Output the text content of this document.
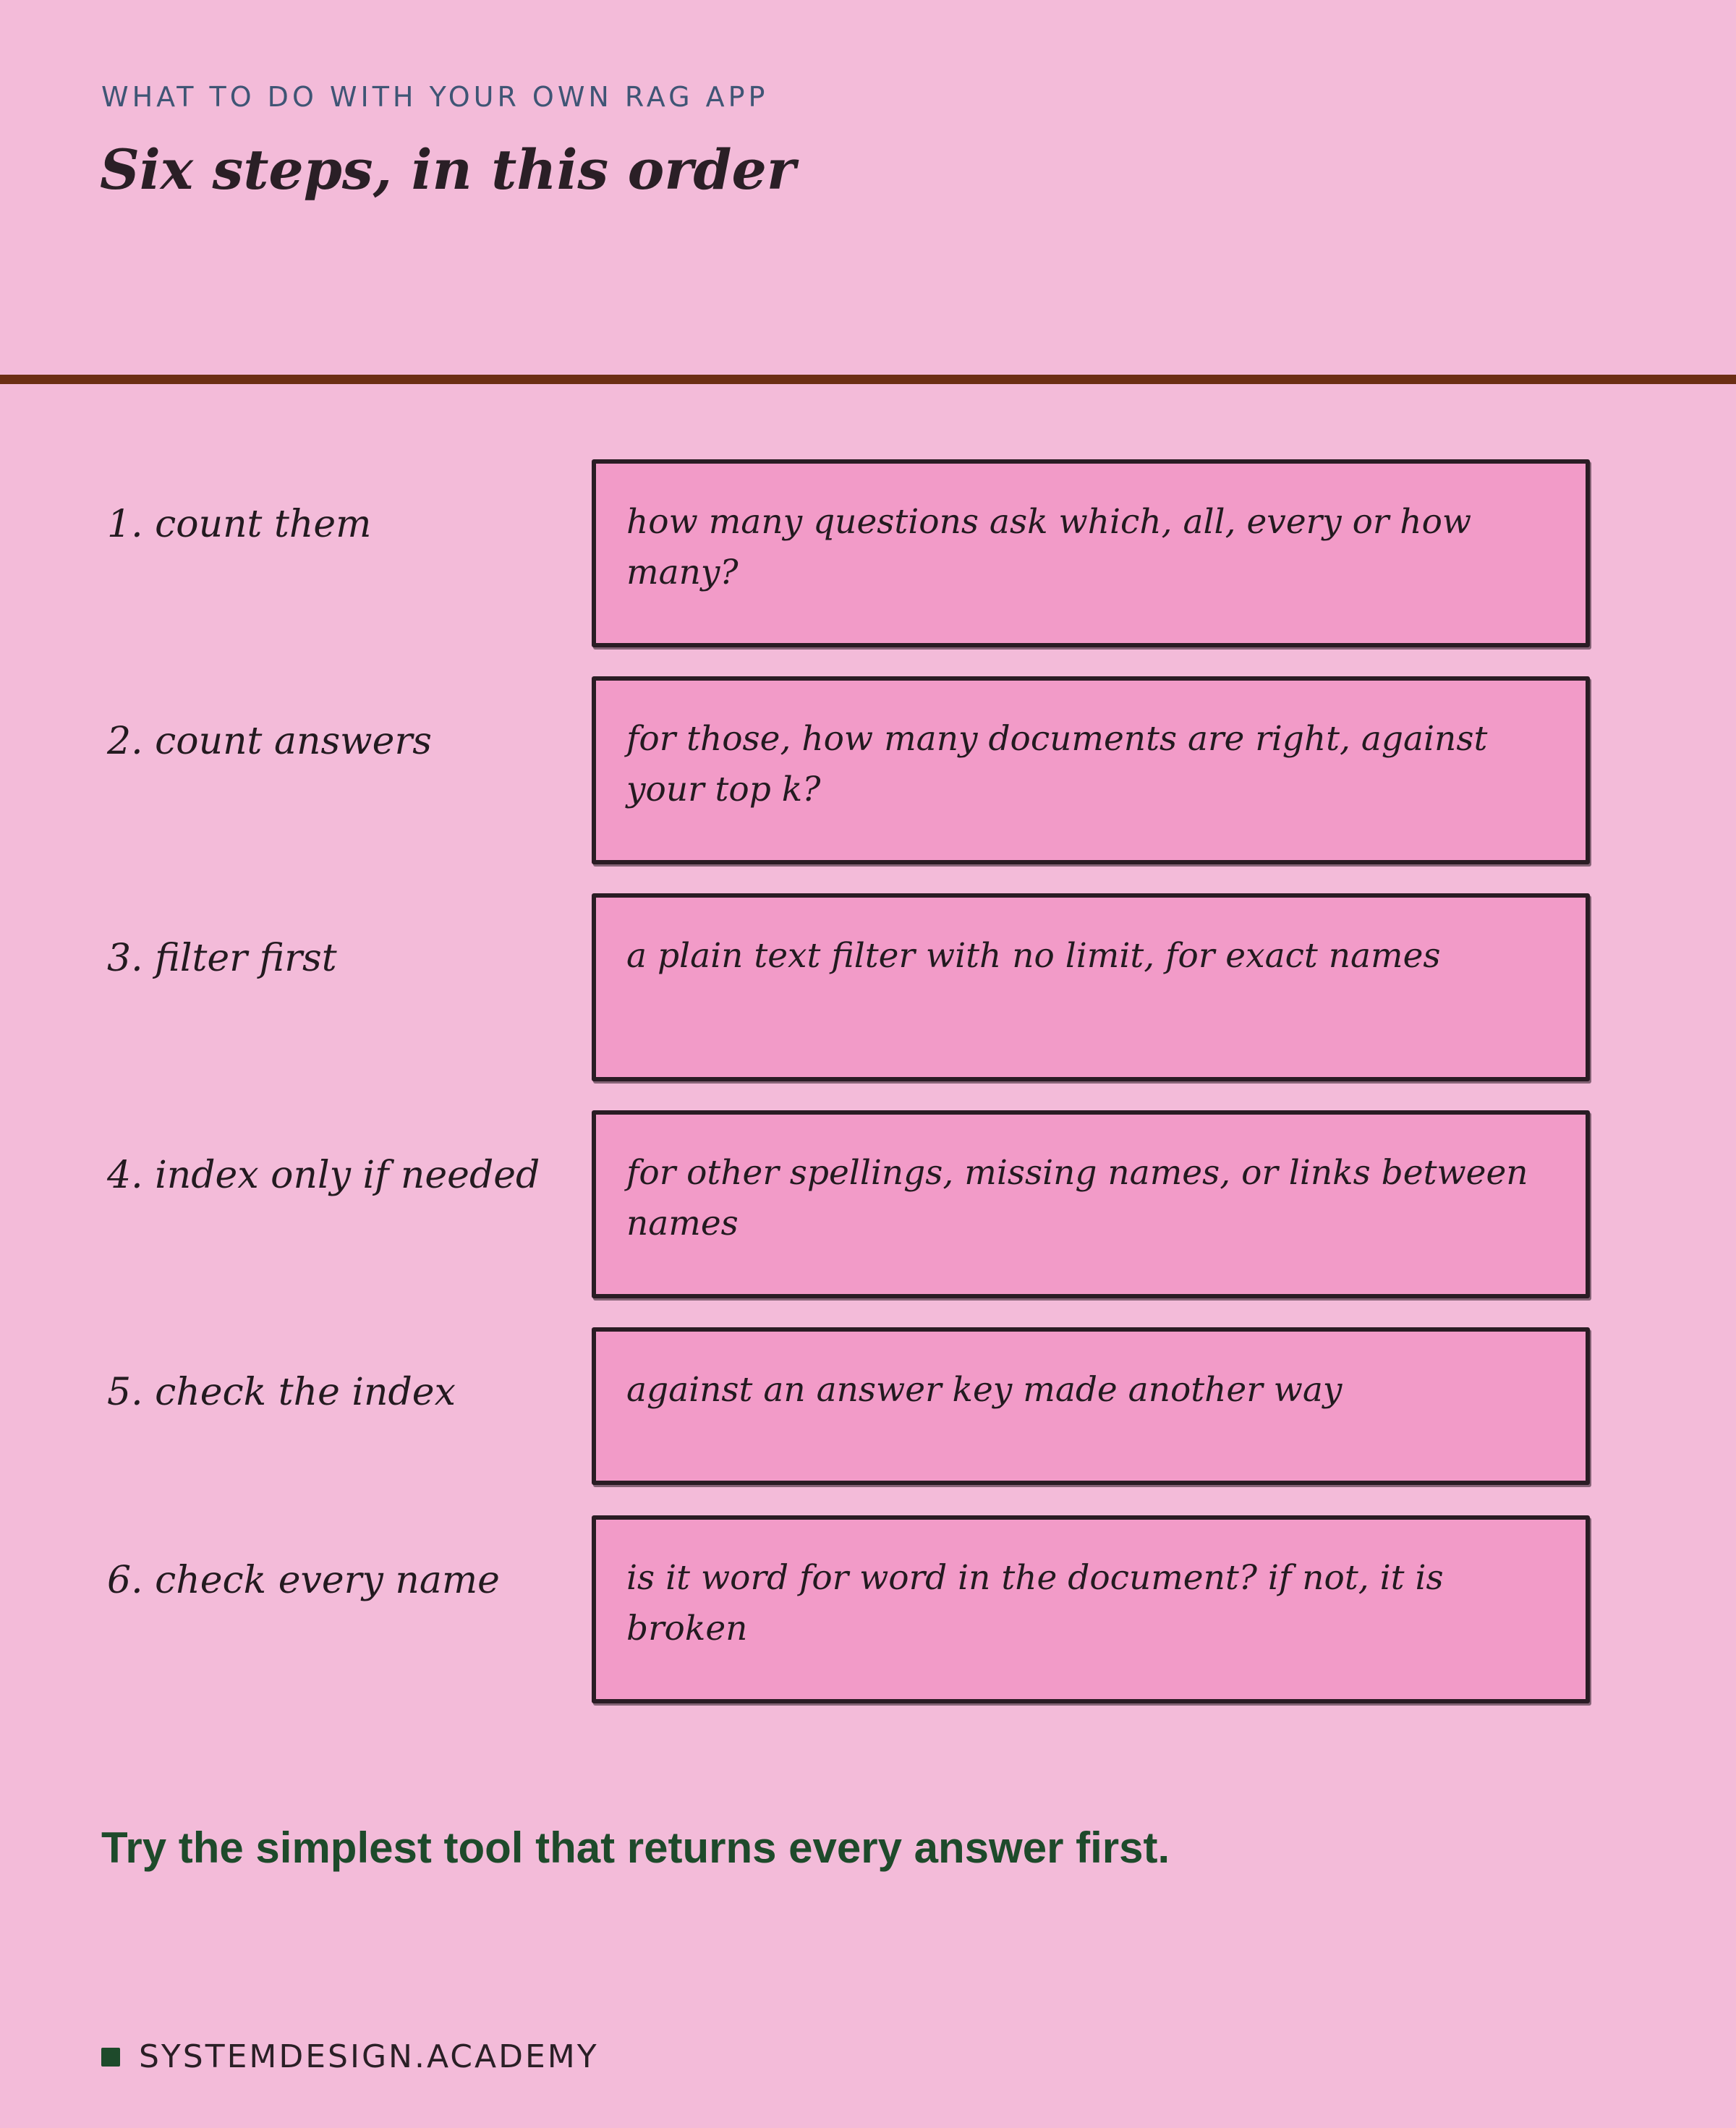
WHAT TO DO WITH YOUR OWN RAG APP
Six steps, in this order
1. count them	how many questions ask which, all, every or how many?
2. count answers	for those, how many documents are right, against your top k?
3. filter first	a plain text filter with no limit, for exact names
4. index only if needed	for other spellings, missing names, or links between names
5. check the index	against an answer key made another way
6. check every name	is it word for word in the document? if not, it is broken
Try the simplest tool that returns every answer first.
SYSTEMDESIGN.ACADEMY
